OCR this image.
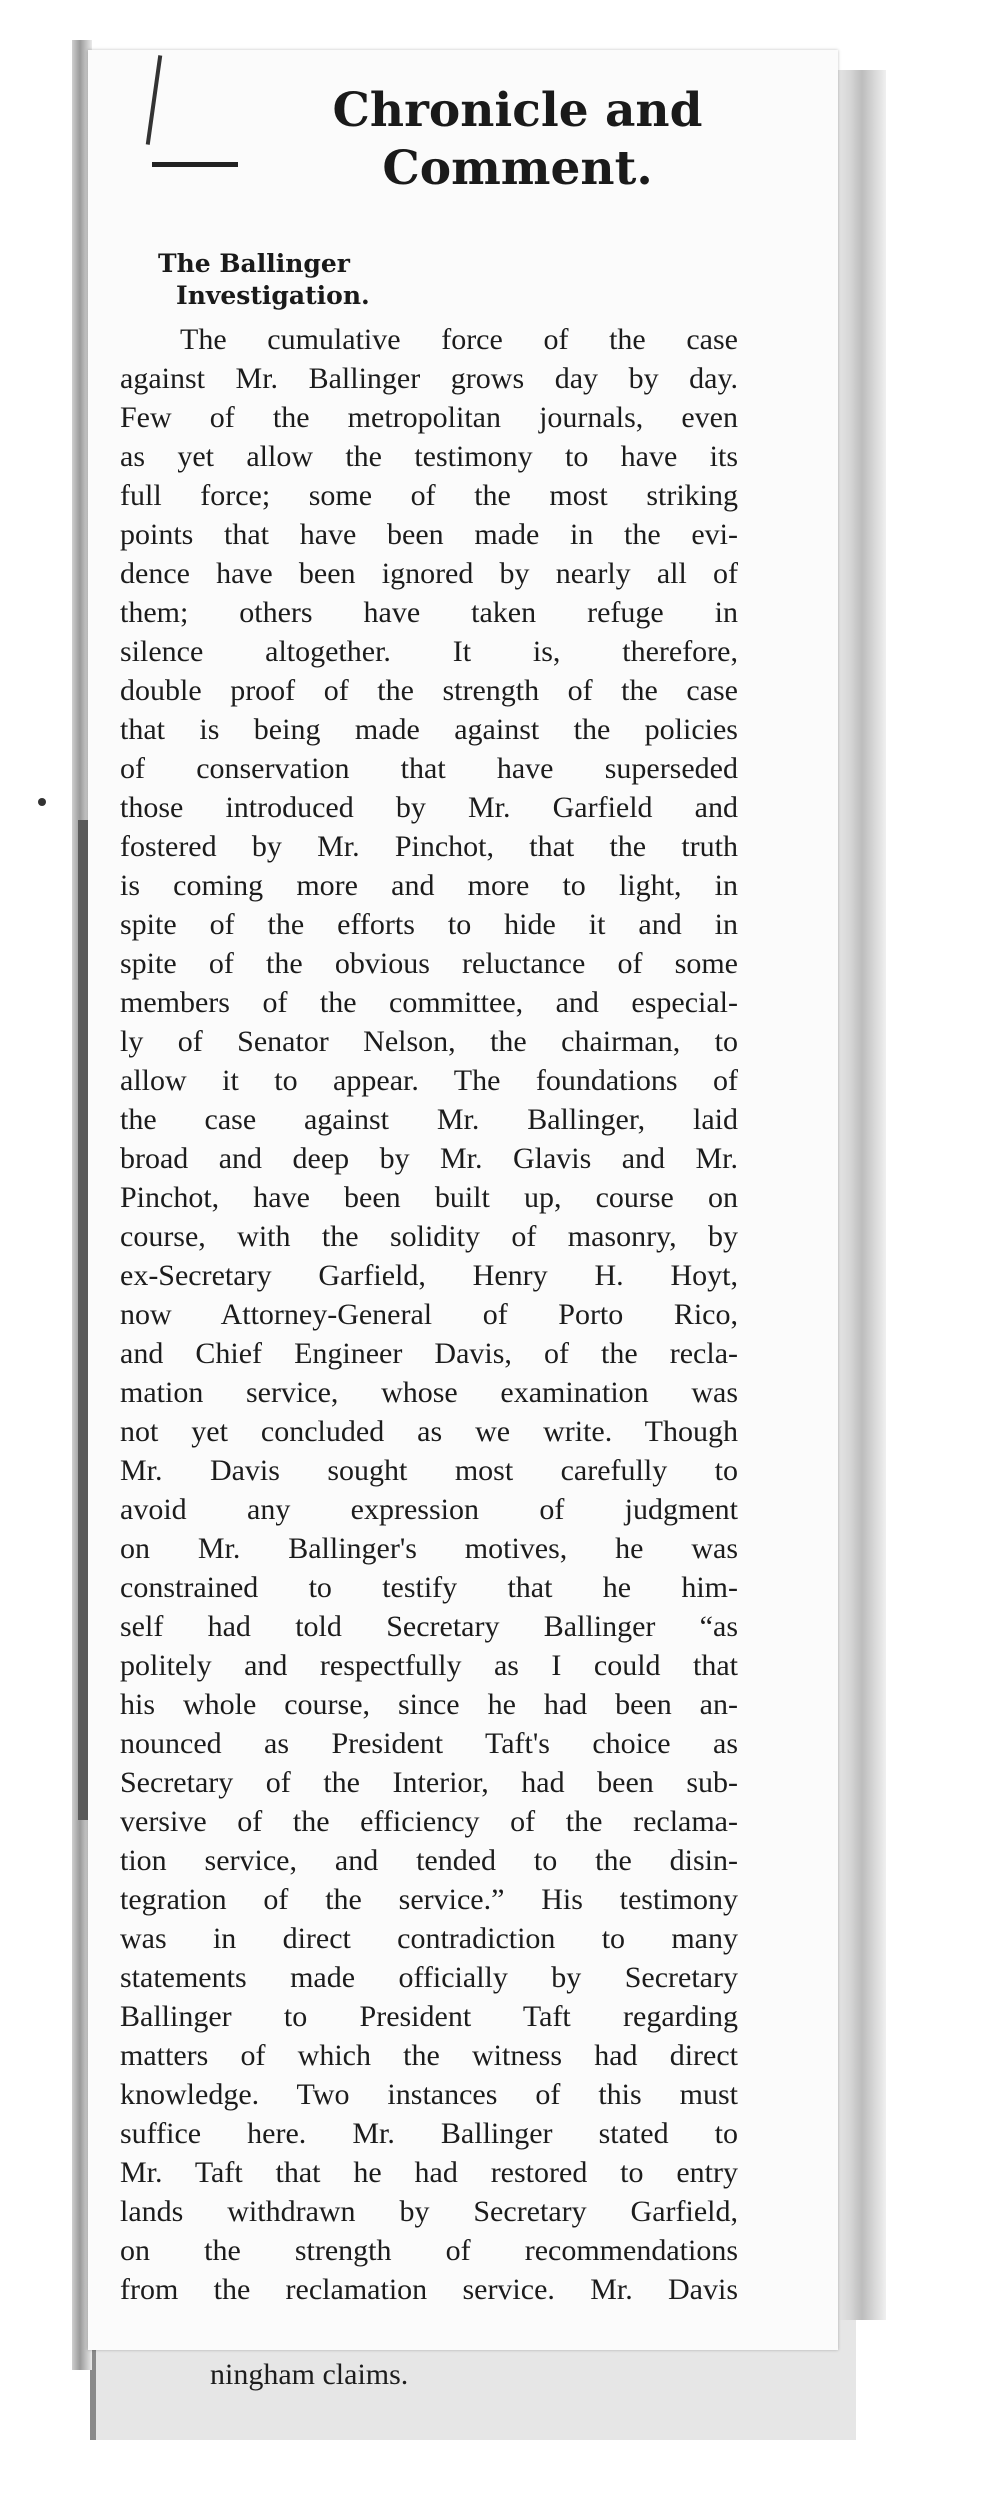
Chronicle and
Comment.
The Ballinger
Investigation.
The cumulative force of the case
against Mr. Ballinger grows day by day.
Few of the metropolitan journals, even
as yet allow the testimony to have its
full force; some of the most striking
points that have been made in the evi-
dence have been ignored by nearly all of
them; others have taken refuge in
silence altogether. It is, therefore,
double proof of the strength of the case
that is being made against the policies
of conservation that have superseded
those introduced by Mr. Garfield and
fostered by Mr. Pinchot, that the truth
is coming more and more to light, in
spite of the efforts to hide it and in
spite of the obvious reluctance of some
members of the committee, and especial-
ly of Senator Nelson, the chairman, to
allow it to appear. The foundations of
the case against Mr. Ballinger, laid
broad and deep by Mr. Glavis and Mr.
Pinchot, have been built up, course on
course, with the solidity of masonry, by
ex-Secretary Garfield, Henry H. Hoyt,
now Attorney-General of Porto Rico,
and Chief Engineer Davis, of the recla-
mation service, whose examination was
not yet concluded as we write. Though
Mr. Davis sought most carefully to
avoid any expression of judgment
on Mr. Ballinger's motives, he was
constrained to testify that he him-
self had told Secretary Ballinger “as
politely and respectfully as I could that
his whole course, since he had been an-
nounced as President Taft's choice as
Secretary of the Interior, had been sub-
versive of the efficiency of the reclama-
tion service, and tended to the disin-
tegration of the service.” His testimony
was in direct contradiction to many
statements made officially by Secretary
Ballinger to President Taft regarding
matters of which the witness had direct
knowledge. Two instances of this must
suffice here. Mr. Ballinger stated to
Mr. Taft that he had restored to entry
lands withdrawn by Secretary Garfield,
on the strength of recommendations
from the reclamation service. Mr. Davis
ningham claims.
